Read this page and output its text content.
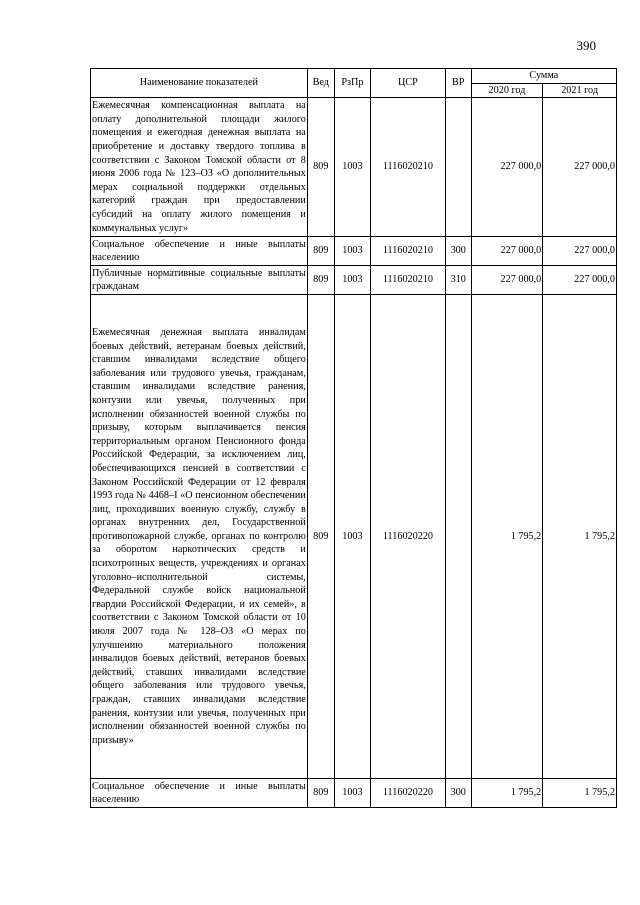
390
Наименование показателей	Вед	РзПр	ЦСР	ВР	Сумма	
					2020 год	2021 год
Ежемесячная компенсационная выплата на оплату дополнительной площади жилого помещения и ежегодная денежная выплата на приобретение и доставку твердого топлива в соответствии с Законом Томской области от 8 июня 2006 года № 123–ОЗ «О дополнительных мерах социальной поддержки отдельных категорий граждан при предоставлении субсидий на оплату жилого помещения и коммунальных услуг»	809	1003	1116020210		227 000,0	227 000,0
Социальное обеспечение и иные выплаты населению	809	1003	1116020210	300	227 000,0	227 000,0
Публичные нормативные социальные выплаты гражданам	809	1003	1116020210	310	227 000,0	227 000,0
Ежемесячная денежная выплата инвалидам боевых действий, ветеранам боевых действий, ставшим инвалидами вследствие общего заболевания или трудового увечья, гражданам, ставшим инвалидами вследствие ранения, контузии или увечья, полученных при исполнении обязанностей военной службы по призыву, которым выплачивается пенсия территориальным органом Пенсионного фонда Российской Федерации, за исключением лиц, обеспечивающихся пенсией в соответствии с Законом Российской Федерации от 12 февраля 1993 года № 4468–I «О пенсионном обеспечении лиц, проходивших военную службу, службу в органах внутренних дел, Государственной противопожарной службе, органах по контролю за оборотом наркотических средств и психотропных веществ, учреждениях и органах уголовно–исполнительной системы, Федеральной службе войск национальной гвардии Российской Федерации, и их семей», в соответствии с Законом Томской области от 10 июля 2007 года № 128–ОЗ «О мерах по улучшению материального положения инвалидов боевых действий, ветеранов боевых действий, ставших инвалидами вследствие общего заболевания или трудового увечья, граждан, ставших инвалидами вследствие ранения, контузии или увечья, полученных при исполнении обязанностей военной службы по призыву»	809	1003	1116020220		1 795,2	1 795,2
Социальное обеспечение и иные выплаты населению	809	1003	1116020220	300	1 795,2	1 795,2
